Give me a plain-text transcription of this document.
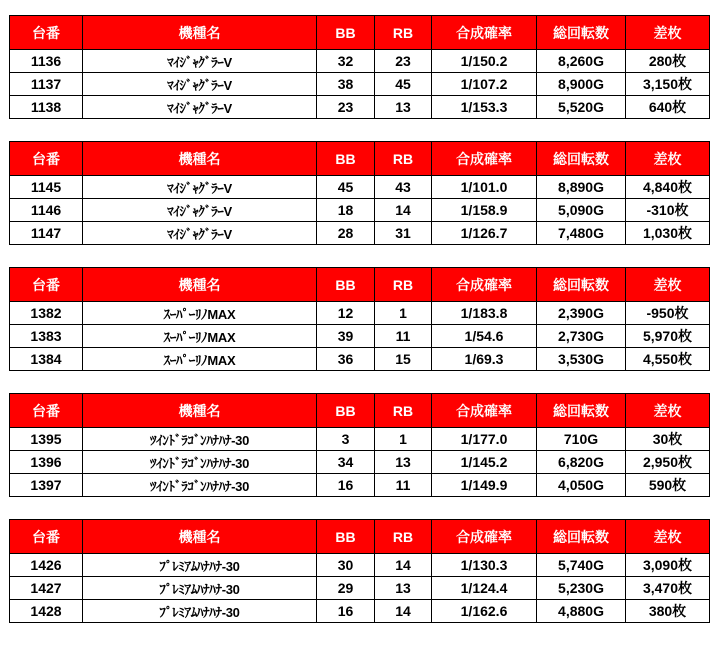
台番	機種名	BB	RB	合成確率	総回転数	差枚
1136	ﾏｲｼﾞｬｸﾞﾗｰV	32	23	1/150.2	8,260G	280枚
1137	ﾏｲｼﾞｬｸﾞﾗｰV	38	45	1/107.2	8,900G	3,150枚
1138	ﾏｲｼﾞｬｸﾞﾗｰV	23	13	1/153.3	5,520G	640枚
台番	機種名	BB	RB	合成確率	総回転数	差枚
1145	ﾏｲｼﾞｬｸﾞﾗｰV	45	43	1/101.0	8,890G	4,840枚
1146	ﾏｲｼﾞｬｸﾞﾗｰV	18	14	1/158.9	5,090G	-310枚
1147	ﾏｲｼﾞｬｸﾞﾗｰV	28	31	1/126.7	7,480G	1,030枚
台番	機種名	BB	RB	合成確率	総回転数	差枚
1382	ｽｰﾊﾟｰﾘﾉMAX	12	1	1/183.8	2,390G	-950枚
1383	ｽｰﾊﾟｰﾘﾉMAX	39	11	1/54.6	2,730G	5,970枚
1384	ｽｰﾊﾟｰﾘﾉMAX	36	15	1/69.3	3,530G	4,550枚
台番	機種名	BB	RB	合成確率	総回転数	差枚
1395	ﾂｲﾝﾄﾞﾗｺﾞﾝﾊﾅﾊﾅ-30	3	1	1/177.0	710G	30枚
1396	ﾂｲﾝﾄﾞﾗｺﾞﾝﾊﾅﾊﾅ-30	34	13	1/145.2	6,820G	2,950枚
1397	ﾂｲﾝﾄﾞﾗｺﾞﾝﾊﾅﾊﾅ-30	16	11	1/149.9	4,050G	590枚
台番	機種名	BB	RB	合成確率	総回転数	差枚
1426	ﾌﾟﾚﾐｱﾑﾊﾅﾊﾅ-30	30	14	1/130.3	5,740G	3,090枚
1427	ﾌﾟﾚﾐｱﾑﾊﾅﾊﾅ-30	29	13	1/124.4	5,230G	3,470枚
1428	ﾌﾟﾚﾐｱﾑﾊﾅﾊﾅ-30	16	14	1/162.6	4,880G	380枚
